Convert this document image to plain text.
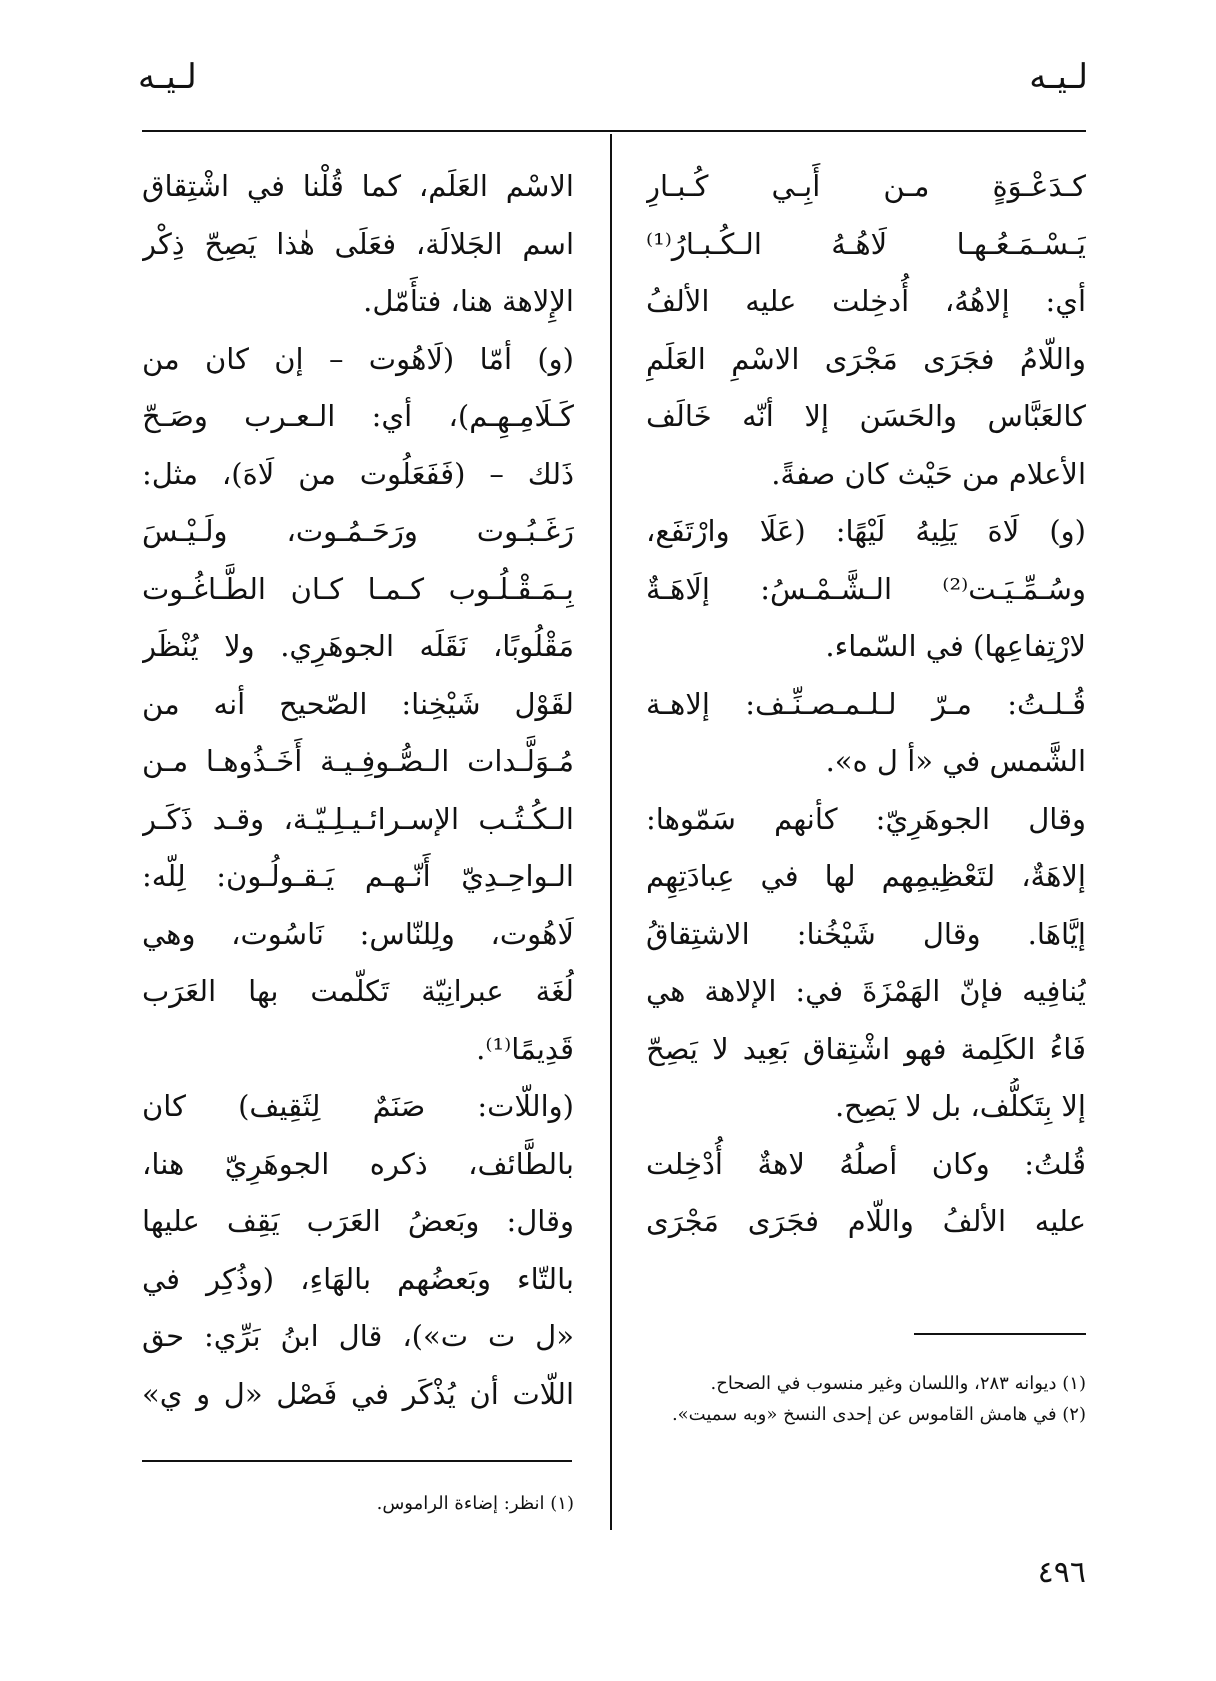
لـيـه
لـيـه
كـدَعْـوَةٍ مـن أَبِـي كُـبـارِ
يَـسْـمَـعُـهـا لَاهُـهُ الـكُـبـارُ⁽¹⁾
أي: إلاهُهُ، أُدخِلت عليه الألفُ
واللّامُ فجَرَى مَجْرَى الاسْمِ العَلَمِ
كالعَبَّاس والحَسَن إلا أنّه خَالَف
الأعلام من حَيْث كان صفةً.
(و) لَاهَ يَلِيهُ لَيْهًا: (عَلَا وارْتَفَع،
وسُـمِّـيَـت⁽²⁾ الـشَّـمْـسُ: إلَاهَـةٌ
لارْتِفاعِها) في السّماء.
قُـلـتُ: مـرّ لـلـمـصـنِّـف: إلاهـة
الشَّمس في «أ ل ه».
وقال الجوهَرِيّ: كأنهم سَمّوها:
إلاهَةٌ، لتَعْظِيمِهم لها في عِبادَتِهِم
إيَّاهَا. وقال شَيْخُنا: الاشتِقاقُ
يُنافِيه فإنّ الهَمْزَةَ في: الإلاهة هي
فَاءُ الكَلِمة فهو اشْتِقاق بَعِيد لا يَصِحّ
إلا بِتَكلُّف، بل لا يَصِح.
قُلتُ: وكان أصلُهُ لاهةٌ أُدْخِلت
عليه الألفُ واللّام فجَرَى مَجْرَى
(١) ديوانه ٢٨٣، واللسان وغير منسوب في الصحاح.
(٢) في هامش القاموس عن إحدى النسخ «وبه سميت».
الاسْم العَلَم، كما قُلْنا في اشْتِقاق
اسم الجَلالَة، فعَلَى هٰذا يَصِحّ ذِكْر
الإِلاهة هنا، فتأَمّل.
(و) أمّا (لَاهُوت – إن كان من
كَـلَامِـهِـم)، أي: الـعـرب وصَـحّ
ذَلك – (فَفَعَلُوت من لَاهَ)، مثل:
رَغَـبُـوت ورَحَـمُـوت، ولَـيْـسَ
بِـمَـقْـلُـوب كـمـا كـان الطَّـاغُـوت
مَقْلُوبًا، نَقَلَه الجوهَرِي. ولا يُنْظَر
لقَوْل شَيْخِنا: الصّحيح أنه من
مُـوَلَّـدات الـصُّـوفِـيـة أَخَـذُوهـا مـن
الـكُـتُـب الإسـرائـيـلِـيّـة، وقـد ذَكَـر
الـواحِـدِيّ أَنّـهـم يَـقـولُـون: لِلّه:
لَاهُوت، ولِلنّاس: نَاسُوت، وهي
لُغَة عبرانِيّة تَكلّمت بها العَرَب
قَدِيمًا⁽¹⁾.
(واللّات: صَنَمٌ لِثَقِيف) كان
بالطَّائف، ذكره الجوهَرِيّ هنا،
وقال: وبَعضُ العَرَب يَقِف عليها
بالتّاء وبَعضُهم بالهَاءِ، (وذُكِر في
«ل ت ت»)، قال ابنُ بَرِّي: حق
اللّات أن يُذْكَر في فَصْل «ل و ي»
(١) انظر: إضاءة الراموس.
٤٩٦
